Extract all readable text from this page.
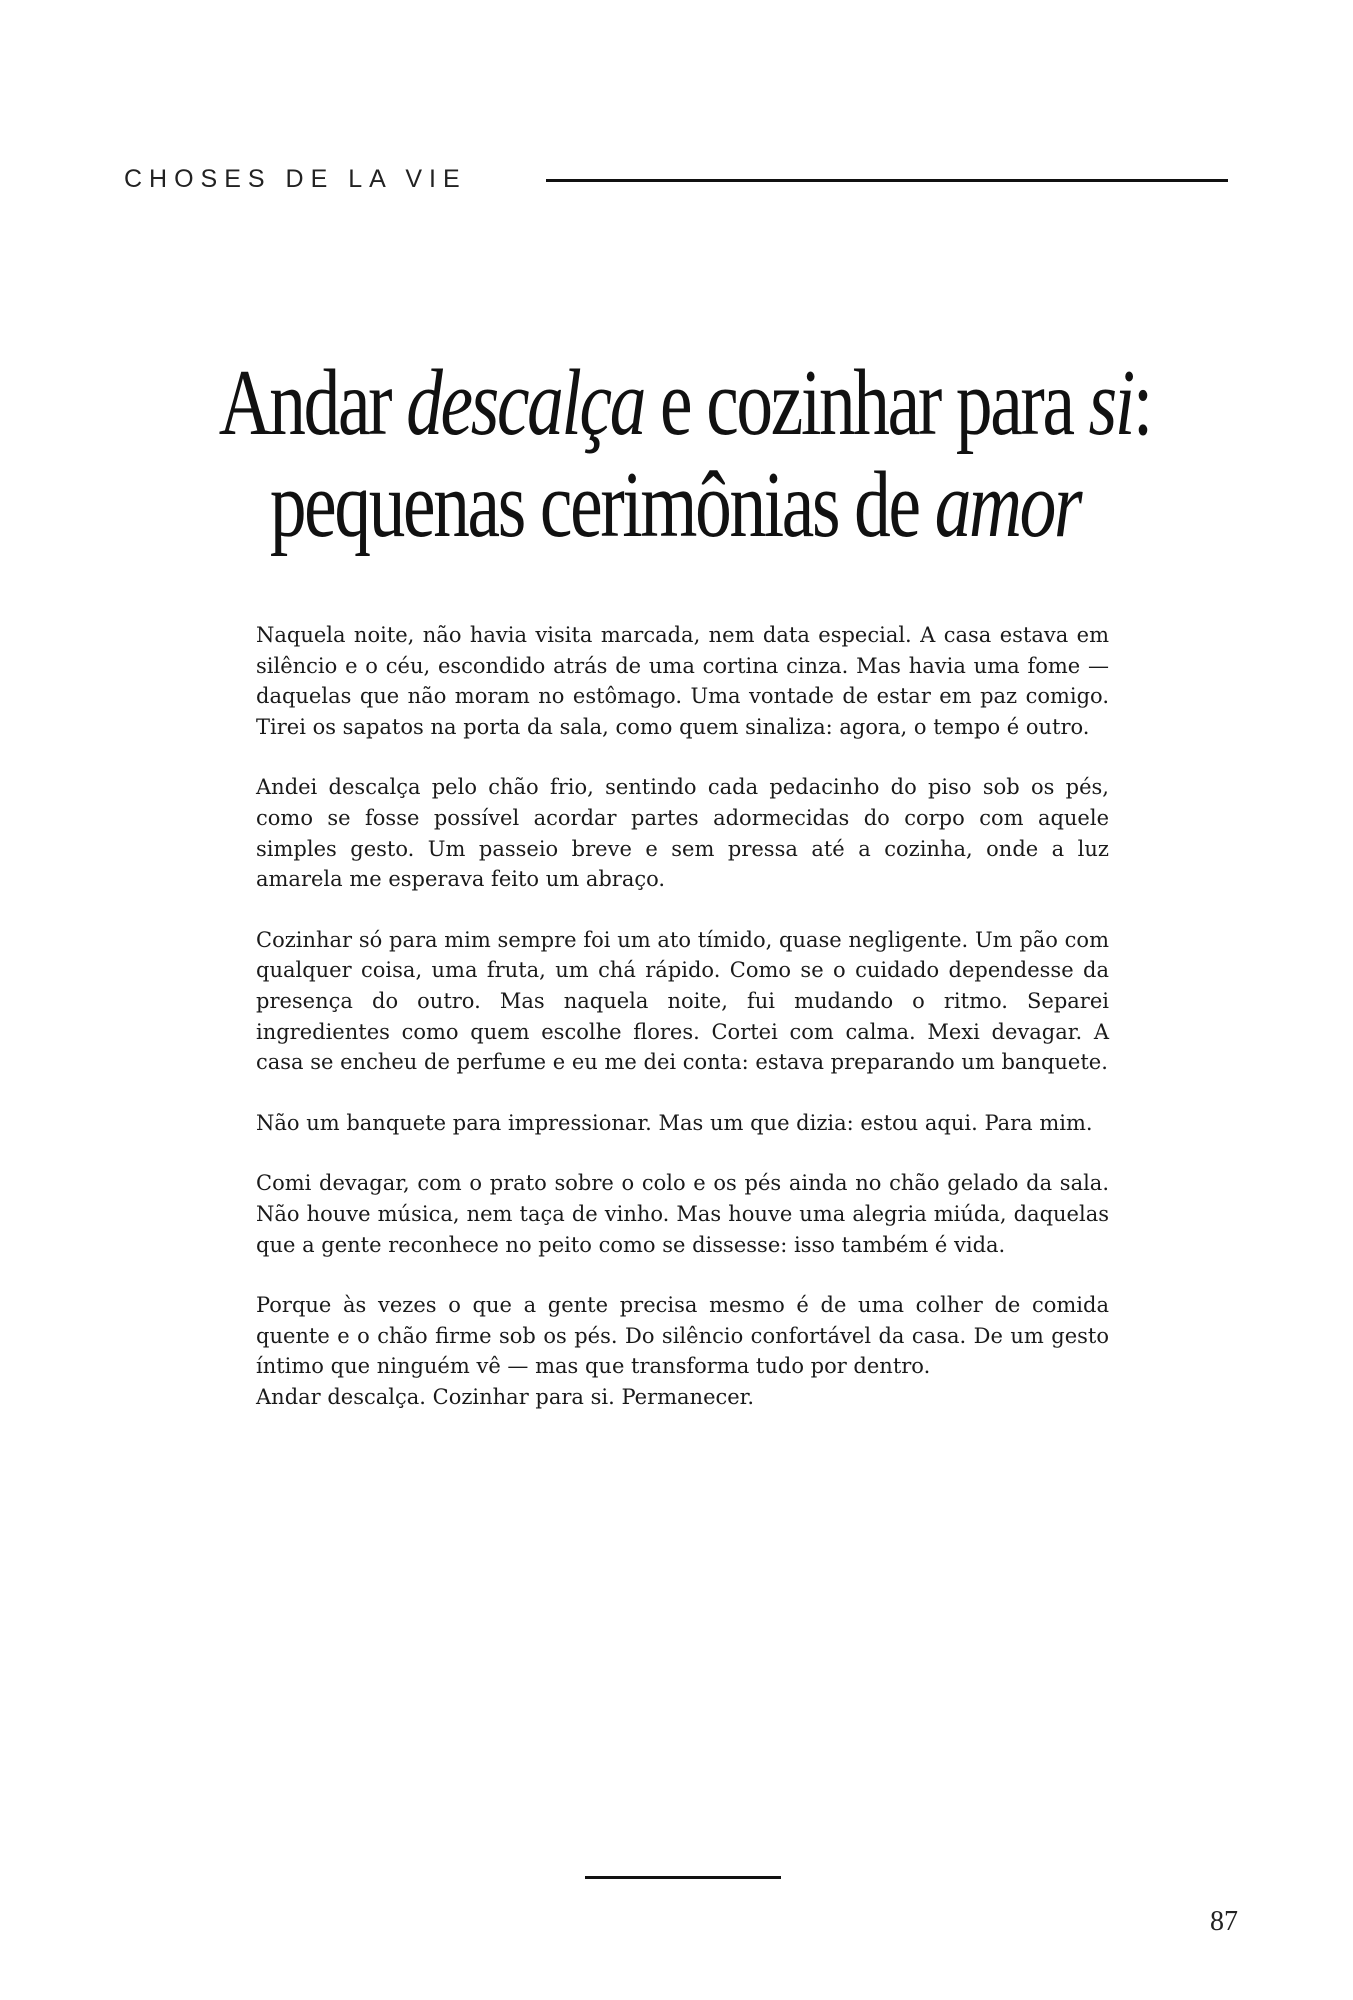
CHOSES DE LA VIE
Andar descalça e cozinhar para si:
pequenas cerimônias de amor

Naquela noite, não havia visita marcada, nem data especial. A casa estava em silêncio e o céu, escondido atrás de uma cortina cinza. Mas havia uma fome — daquelas que não moram no estômago. Uma vontade de estar em paz comigo. Tirei os sapatos na porta da sala, como quem sinaliza: agora, o tempo é outro.

Andei descalça pelo chão frio, sentindo cada pedacinho do piso sob os pés, como se fosse possível acordar partes adormecidas do corpo com aquele simples gesto. Um passeio breve e sem pressa até a cozinha, onde a luz amarela me esperava feito um abraço.

Cozinhar só para mim sempre foi um ato tímido, quase negligente. Um pão com qualquer coisa, uma fruta, um chá rápido. Como se o cuidado dependesse da presença do outro. Mas naquela noite, fui mudando o ritmo. Separei ingredientes como quem escolhe flores. Cortei com calma. Mexi devagar. A casa se encheu de perfume e eu me dei conta: estava preparando um banquete.

Não um banquete para impressionar. Mas um que dizia: estou aqui. Para mim.

Comi devagar, com o prato sobre o colo e os pés ainda no chão gelado da sala. Não houve música, nem taça de vinho. Mas houve uma alegria miúda, daquelas que a gente reconhece no peito como se dissesse: isso também é vida.

Porque às vezes o que a gente precisa mesmo é de uma colher de comida quente e o chão firme sob os pés. Do silêncio confortável da casa. De um gesto íntimo que ninguém vê — mas que transforma tudo por dentro.

Andar descalça. Cozinhar para si. Permanecer.

87
